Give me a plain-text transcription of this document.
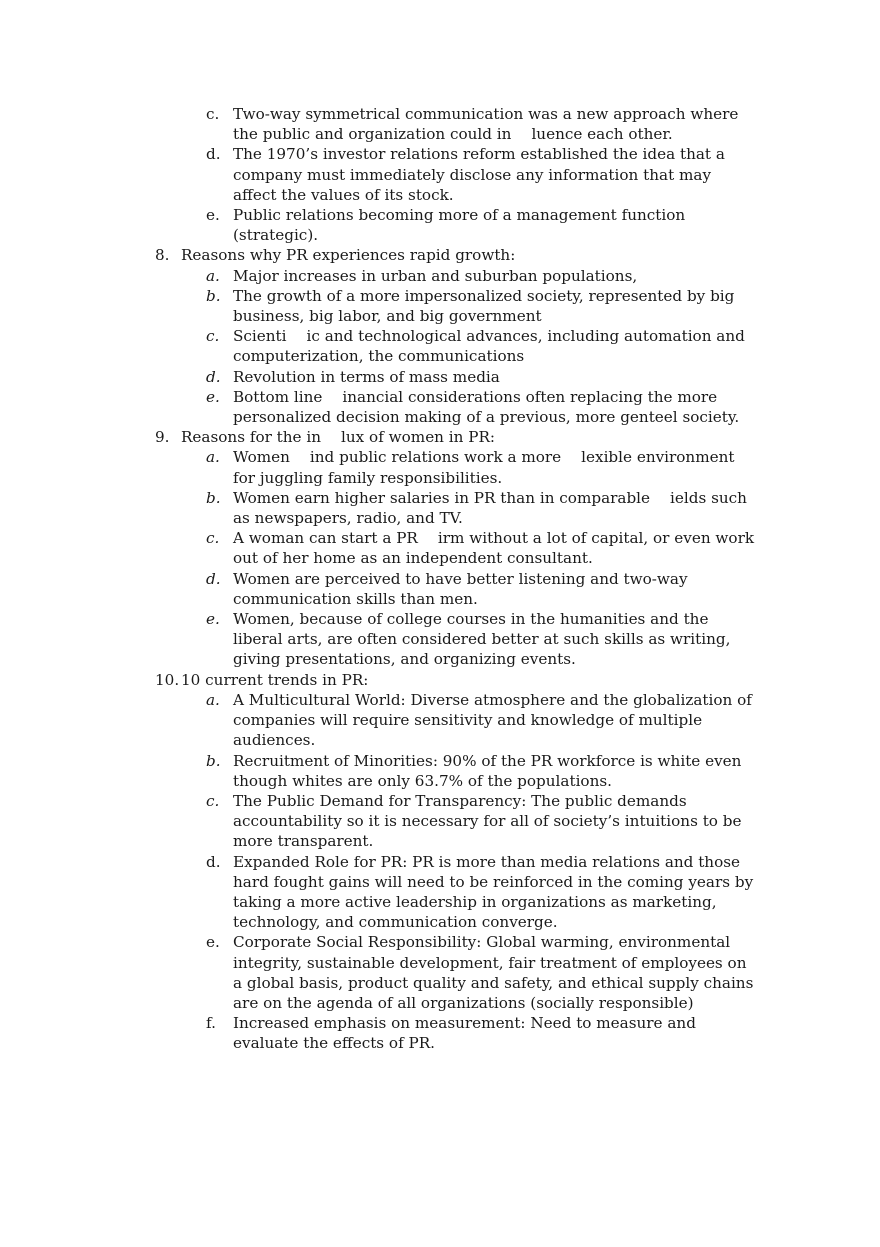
c. Two-way symmetrical communication was a new approach where the public and organization could in  luence each other.
d. The 1970’s investor relations reform established the idea that a company must immediately disclose any information that may affect the values of its stock.
e. Public relations becoming more of a management function (strategic).
8. Reasons why PR experiences rapid growth:
a. Major increases in urban and suburban populations,
b. The growth of a more impersonalized society, represented by big business, big labor, and big government
c. Scienti  ic and technological advances, including automation and computerization, the communications
d. Revolution in terms of mass media
e. Bottom line  inancial considerations often replacing the more personalized decision making of a previous, more genteel society.
9. Reasons for the in  lux of women in PR:
a. Women  ind public relations work a more  lexible environment for juggling family responsibilities.
b. Women earn higher salaries in PR than in comparable  ields such as newspapers, radio, and TV.
c. A woman can start a PR  irm without a lot of capital, or even work out of her home as an independent consultant.
d. Women are perceived to have better listening and two-way communication skills than men.
e. Women, because of college courses in the humanities and the liberal arts, are often considered better at such skills as writing, giving presentations, and organizing events.
10. 10 current trends in PR:
a. A Multicultural World: Diverse atmosphere and the globalization of companies will require sensitivity and knowledge of multiple audiences.
b. Recruitment of Minorities: 90% of the PR workforce is white even though whites are only 63.7% of the populations.
c. The Public Demand for Transparency: The public demands accountability so it is necessary for all of society’s intuitions to be more transparent.
d. Expanded Role for PR: PR is more than media relations and those hard fought gains will need to be reinforced in the coming years by taking a more active leadership in organizations as marketing, technology, and communication converge.
e. Corporate Social Responsibility: Global warming, environmental integrity, sustainable development, fair treatment of employees on a global basis, product quality and safety, and ethical supply chains are on the agenda of all organizations (socially responsible)
f. Increased emphasis on measurement: Need to measure and evaluate the effects of PR.
